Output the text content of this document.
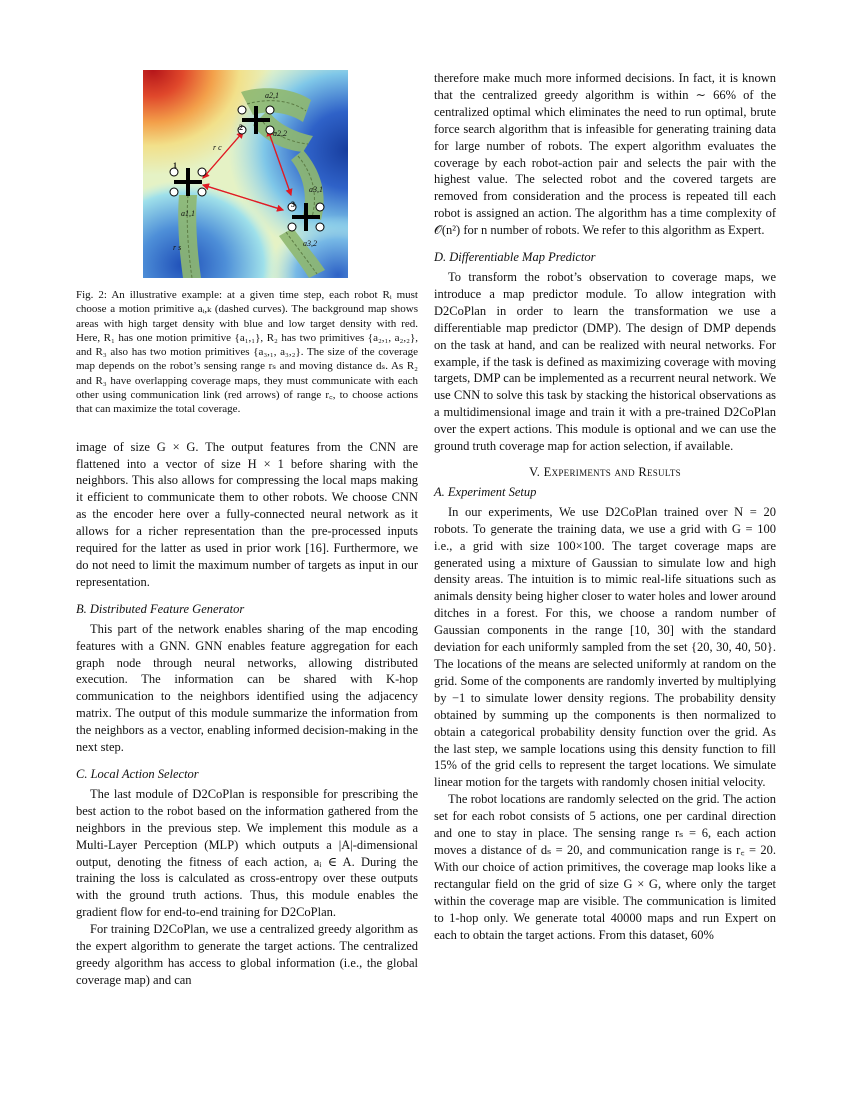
1
2
3
a2,1
a2,2
a3,1
a3,2
a1,1
r c
r s

Fig. 2: An illustrative example: at a given time step, each robot Rᵢ must choose a motion primitive aᵢ,ₖ (dashed curves). The background map shows areas with high target density with blue and low target density with red. Here, R₁ has one motion primitive {a₁,₁}, R₂ has two primitives {a₂,₁, a₂,₂}, and R₃ also has two motion primitives {a₃,₁, a₃,₂}. The size of the coverage map depends on the robot’s sensing range rₛ and moving distance dₛ. As R₂ and R₃ have overlapping coverage maps, they must communicate with each other using communication link (red arrows) of range r꜀, to choose actions that can maximize the total coverage.

image of size G × G. The output features from the CNN are flattened into a vector of size H × 1 before sharing with the neighbors. This also allows for compressing the local maps making it efficient to communicate them to other robots. We choose CNN as the encoder here over a fully-connected neural network as it allows for a richer representation than the pre-processed inputs required for the latter as used in prior work [16]. Furthermore, we do not need to limit the maximum number of targets as input in our representation.

B. Distributed Feature Generator

This part of the network enables sharing of the map encoding features with a GNN. GNN enables feature aggregation for each graph node through neural networks, allowing distributed execution. The information can be shared with K-hop communication to the neighbors identified using the adjacency matrix. The output of this module summarize the information from the neighbors as a vector, enabling informed decision-making in the next step.

C. Local Action Selector

The last module of D2CoPlan is responsible for prescribing the best action to the robot based on the information gathered from the neighbors in the previous step. We implement this module as a Multi-Layer Perception (MLP) which outputs a |A|-dimensional output, denoting the fitness of each action, aᵢ ∈ A. During the training the loss is calculated as cross-entropy over these outputs with the ground truth actions. Thus, this module enables the gradient flow for end-to-end training for D2CoPlan.

For training D2CoPlan, we use a centralized greedy algorithm as the expert algorithm to generate the target actions. The centralized greedy algorithm has access to global information (i.e., the global coverage map) and can

therefore make much more informed decisions. In fact, it is known that the centralized greedy algorithm is within ∼ 66% of the centralized optimal which eliminates the need to run optimal, brute force search algorithm that is infeasible for generating training data for large number of robots. The expert algorithm evaluates the coverage by each robot-action pair and selects the pair with the highest value. The selected robot and the covered targets are removed from consideration and the process is repeated till each robot is assigned an action. The algorithm has a time complexity of 𝒪(n²) for n number of robots. We refer to this algorithm as Expert.

D. Differentiable Map Predictor

To transform the robot’s observation to coverage maps, we introduce a map predictor module. To allow integration with D2CoPlan in order to learn the transformation we use a differentiable map predictor (DMP). The design of DMP depends on the task at hand, and can be realized with neural networks. For example, if the task is defined as maximizing coverage with moving targets, DMP can be implemented as a recurrent neural network. We use CNN to solve this task by stacking the historical observations as a multidimensional image and train it with a pre-trained D2CoPlan over the expert actions. This module is optional and we can use the ground truth coverage map for action selection, if available.

V. Experiments and Results
A. Experiment Setup

In our experiments, We use D2CoPlan trained over N = 20 robots. To generate the training data, we use a grid with G = 100 i.e., a grid with size 100×100. The target coverage maps are generated using a mixture of Gaussian to simulate low and high density areas. The intuition is to mimic real-life situations such as animals density being higher closer to water holes and lower around ditches in a forest. For this, we choose a random number of Gaussian components in the range [10, 30] with the standard deviation for each uniformly sampled from the set {20, 30, 40, 50}. The locations of the means are selected uniformly at random on the grid. Some of the components are randomly inverted by multiplying by −1 to simulate lower density regions. The probability density obtained by summing up the components is then normalized to obtain a categorical probability density function over the grid. As the last step, we sample locations using this density function to fill 15% of the grid cells to represent the target locations. We simulate linear motion for the targets with randomly chosen initial velocity.

The robot locations are randomly selected on the grid. The action set for each robot consists of 5 actions, one per cardinal direction and one to stay in place. The sensing range rₛ = 6, each action moves a distance of dₛ = 20, and communication range is r꜀ = 20. With our choice of action primitives, the coverage map looks like a rectangular field on the grid of size G × G, where only the target within the coverage map are visible. The communication is limited to 1-hop only. We generate total 40000 maps and run Expert on each to obtain the target actions. From this dataset, 60%
